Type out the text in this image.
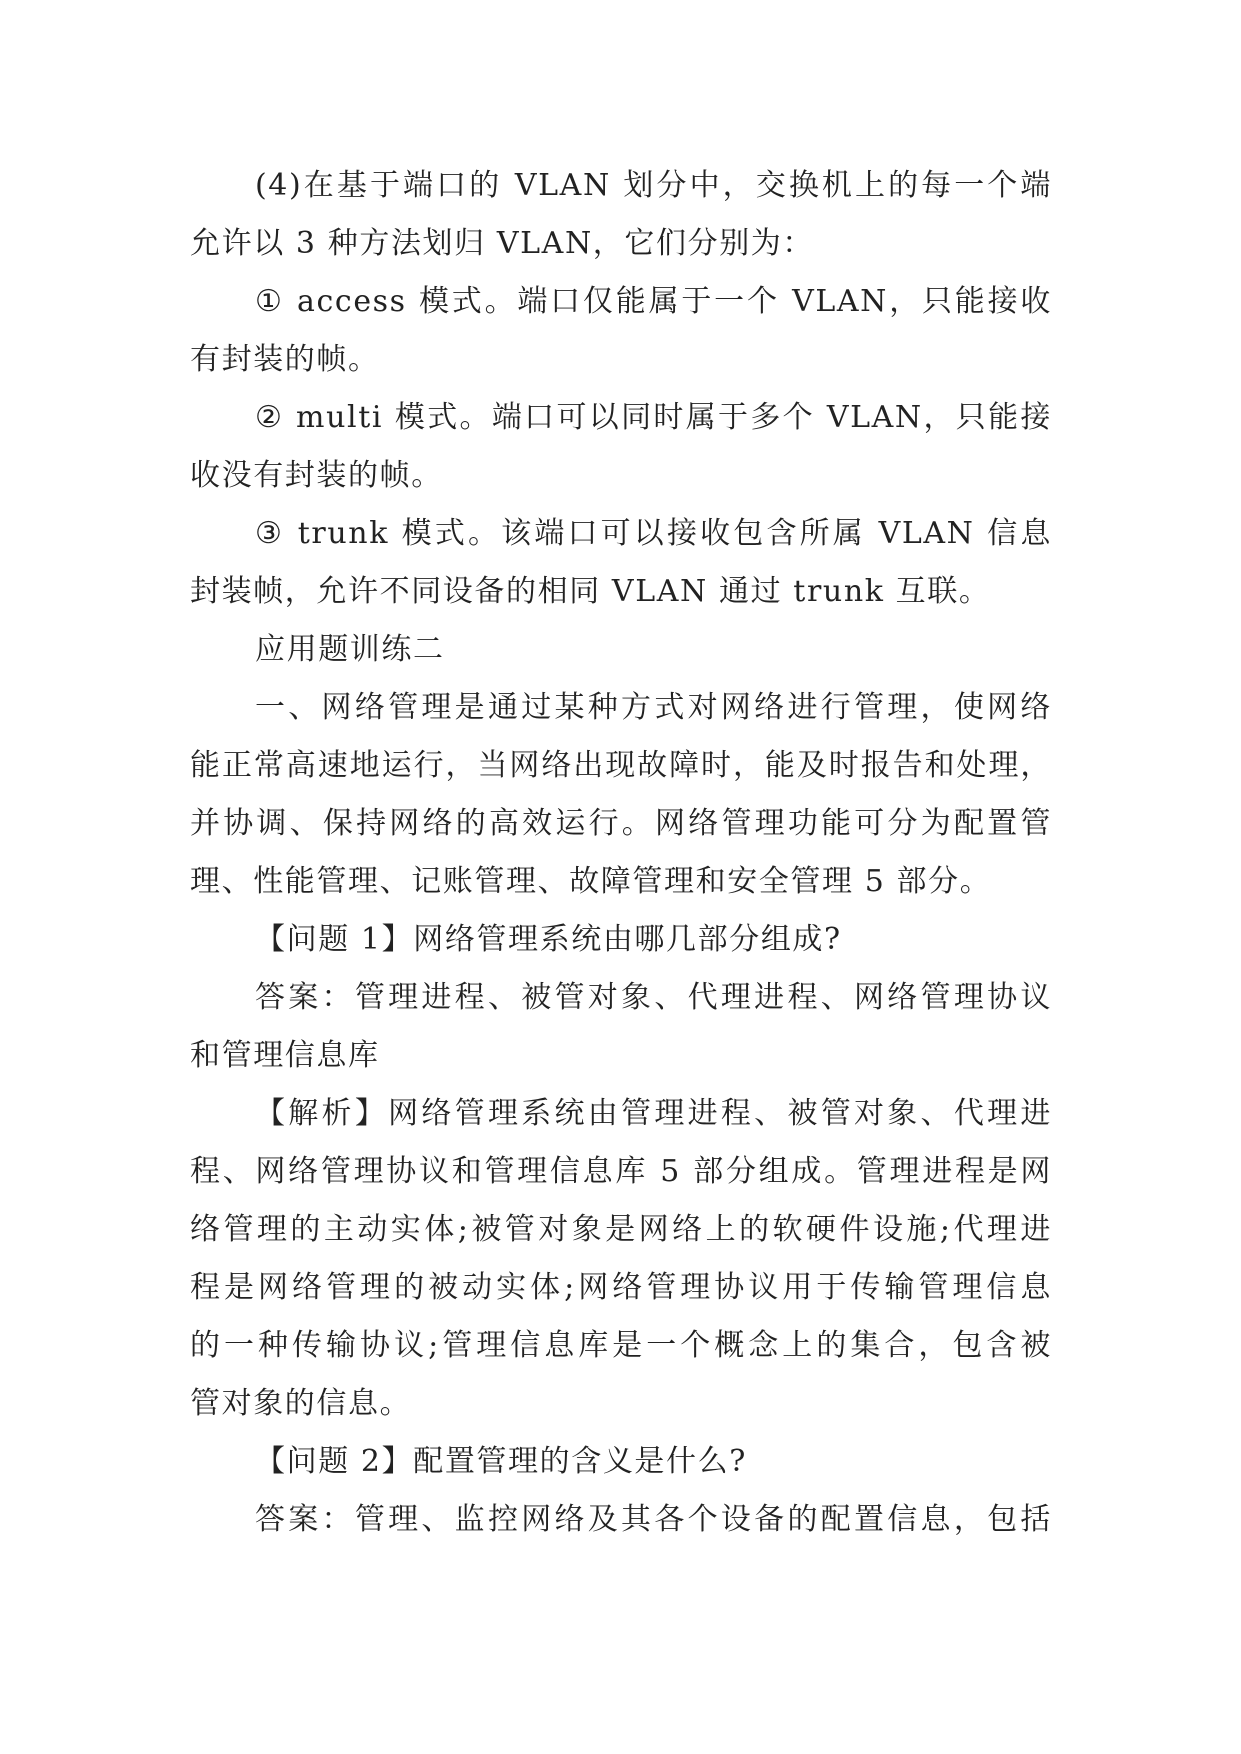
(4)在基于端口的 VLAN 划分中，交换机上的每一个端
允许以 3 种方法划归 VLAN，它们分别为：
① access 模式。端口仅能属于一个 VLAN，只能接收
有封装的帧。
② multi 模式。端口可以同时属于多个 VLAN，只能接
收没有封装的帧。
③ trunk 模式。该端口可以接收包含所属 VLAN 信息
封装帧，允许不同设备的相同 VLAN 通过 trunk 互联。
应用题训练二
一、网络管理是通过某种方式对网络进行管理，使网络
能正常高速地运行，当网络出现故障时，能及时报告和处理，
并协调、保持网络的高效运行。网络管理功能可分为配置管
理、性能管理、记账管理、故障管理和安全管理 5 部分。
【问题 1】网络管理系统由哪几部分组成?
答案：管理进程、被管对象、代理进程、网络管理协议
和管理信息库
【解析】网络管理系统由管理进程、被管对象、代理进
程、网络管理协议和管理信息库 5 部分组成。管理进程是网
络管理的主动实体;被管对象是网络上的软硬件设施;代理进
程是网络管理的被动实体;网络管理协议用于传输管理信息
的一种传输协议;管理信息库是一个概念上的集合，包含被
管对象的信息。
【问题 2】配置管理的含义是什么?
答案：管理、监控网络及其各个设备的配置信息，包括
